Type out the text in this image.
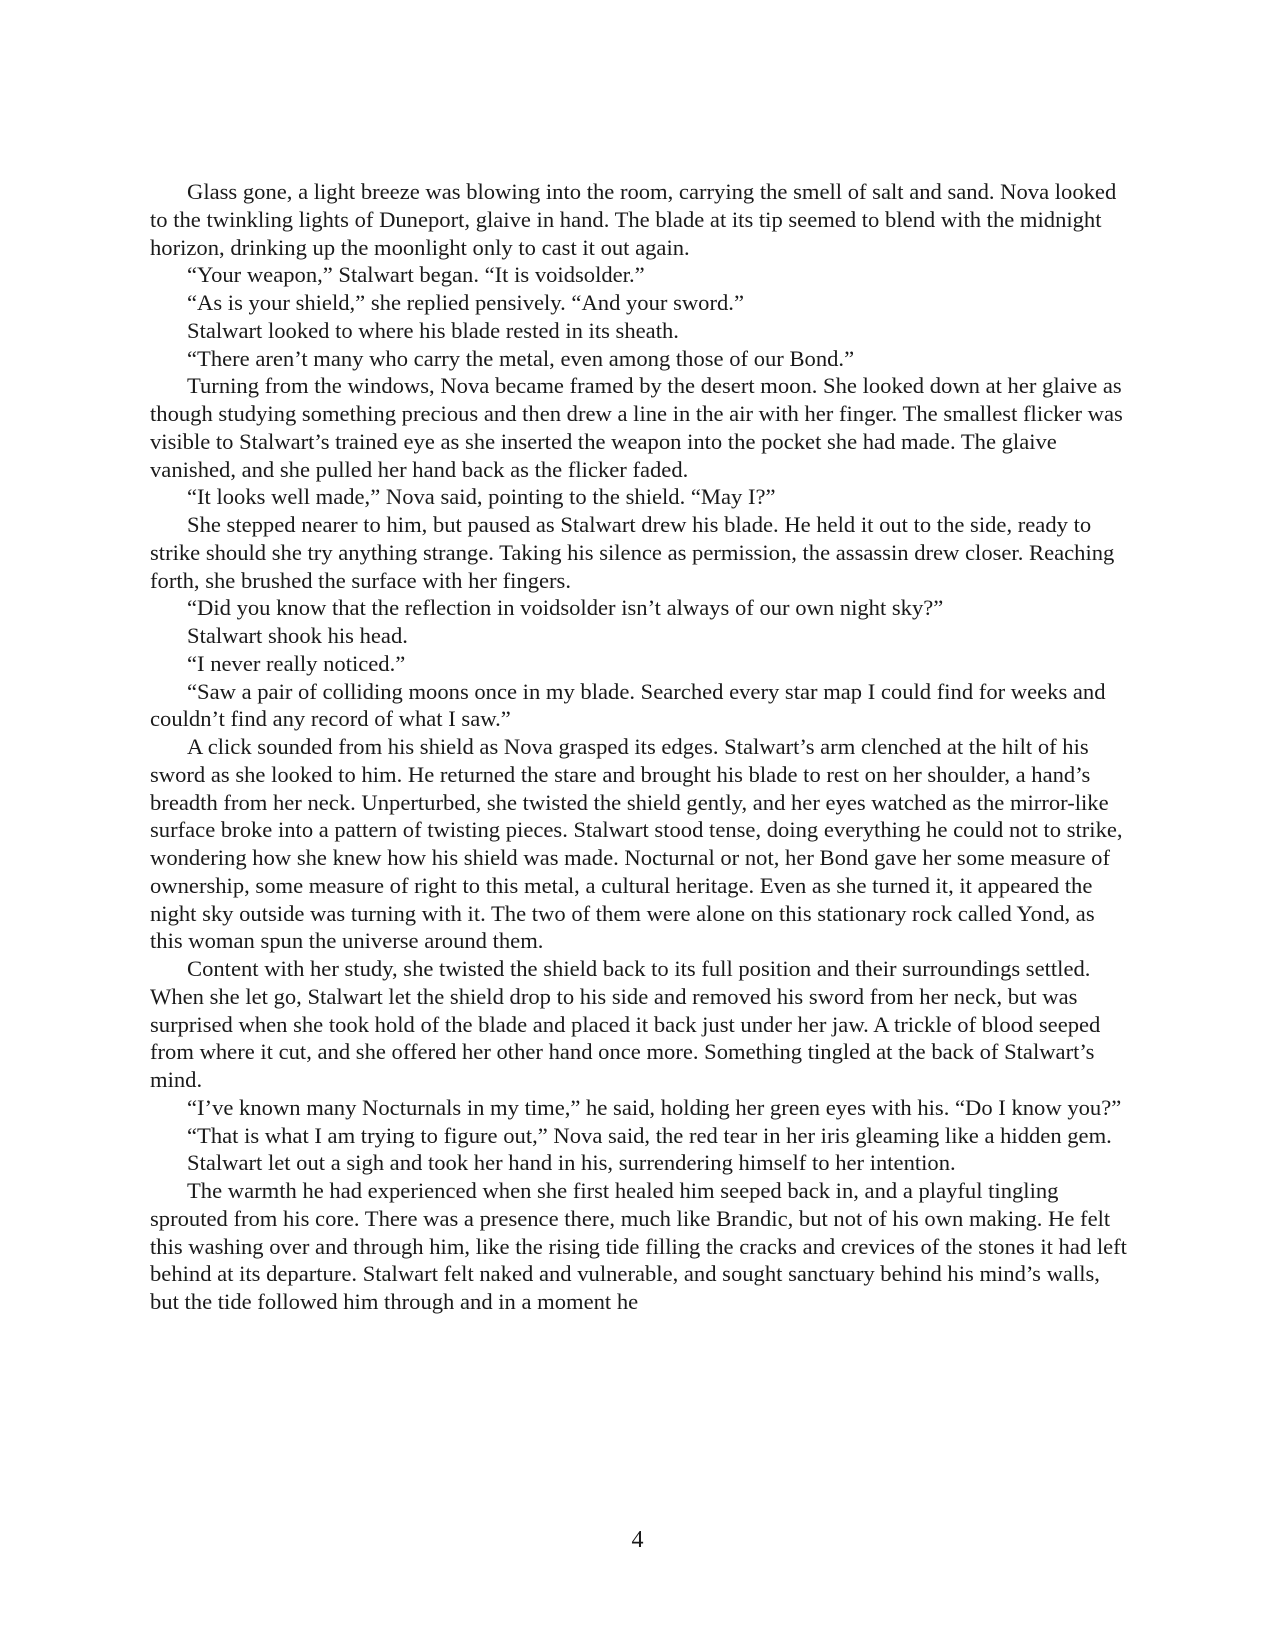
Glass gone, a light breeze was blowing into the room, carrying the smell of salt and sand. Nova looked to the twinkling lights of Duneport, glaive in hand. The blade at its tip seemed to blend with the midnight horizon, drinking up the moonlight only to cast it out again.

“Your weapon,” Stalwart began. “It is voidsolder.”

“As is your shield,” she replied pensively. “And your sword.”

Stalwart looked to where his blade rested in its sheath.

“There aren’t many who carry the metal, even among those of our Bond.”

Turning from the windows, Nova became framed by the desert moon. She looked down at her glaive as though studying something precious and then drew a line in the air with her finger. The smallest flicker was visible to Stalwart’s trained eye as she inserted the weapon into the pocket she had made. The glaive vanished, and she pulled her hand back as the flicker faded.

“It looks well made,” Nova said, pointing to the shield. “May I?”

She stepped nearer to him, but paused as Stalwart drew his blade. He held it out to the side, ready to strike should she try anything strange. Taking his silence as permission, the assassin drew closer. Reaching forth, she brushed the surface with her fingers.

“Did you know that the reflection in voidsolder isn’t always of our own night sky?”

Stalwart shook his head.

“I never really noticed.”

“Saw a pair of colliding moons once in my blade. Searched every star map I could find for weeks and couldn’t find any record of what I saw.”

A click sounded from his shield as Nova grasped its edges. Stalwart’s arm clenched at the hilt of his sword as she looked to him. He returned the stare and brought his blade to rest on her shoulder, a hand’s breadth from her neck. Unperturbed, she twisted the shield gently, and her eyes watched as the mirror-like surface broke into a pattern of twisting pieces. Stalwart stood tense, doing everything he could not to strike, wondering how she knew how his shield was made. Nocturnal or not, her Bond gave her some measure of ownership, some measure of right to this metal, a cultural heritage. Even as she turned it, it appeared the night sky outside was turning with it. The two of them were alone on this stationary rock called Yond, as this woman spun the universe around them.

Content with her study, she twisted the shield back to its full position and their surroundings settled. When she let go, Stalwart let the shield drop to his side and removed his sword from her neck, but was surprised when she took hold of the blade and placed it back just under her jaw. A trickle of blood seeped from where it cut, and she offered her other hand once more. Something tingled at the back of Stalwart’s mind.

“I’ve known many Nocturnals in my time,” he said, holding her green eyes with his. “Do I know you?”

“That is what I am trying to figure out,” Nova said, the red tear in her iris gleaming like a hidden gem.

Stalwart let out a sigh and took her hand in his, surrendering himself to her intention.

The warmth he had experienced when she first healed him seeped back in, and a playful tingling sprouted from his core. There was a presence there, much like Brandic, but not of his own making. He felt this washing over and through him, like the rising tide filling the cracks and crevices of the stones it had left behind at its departure. Stalwart felt naked and vulnerable, and sought sanctuary behind his mind’s walls, but the tide followed him through and in a moment he

4
